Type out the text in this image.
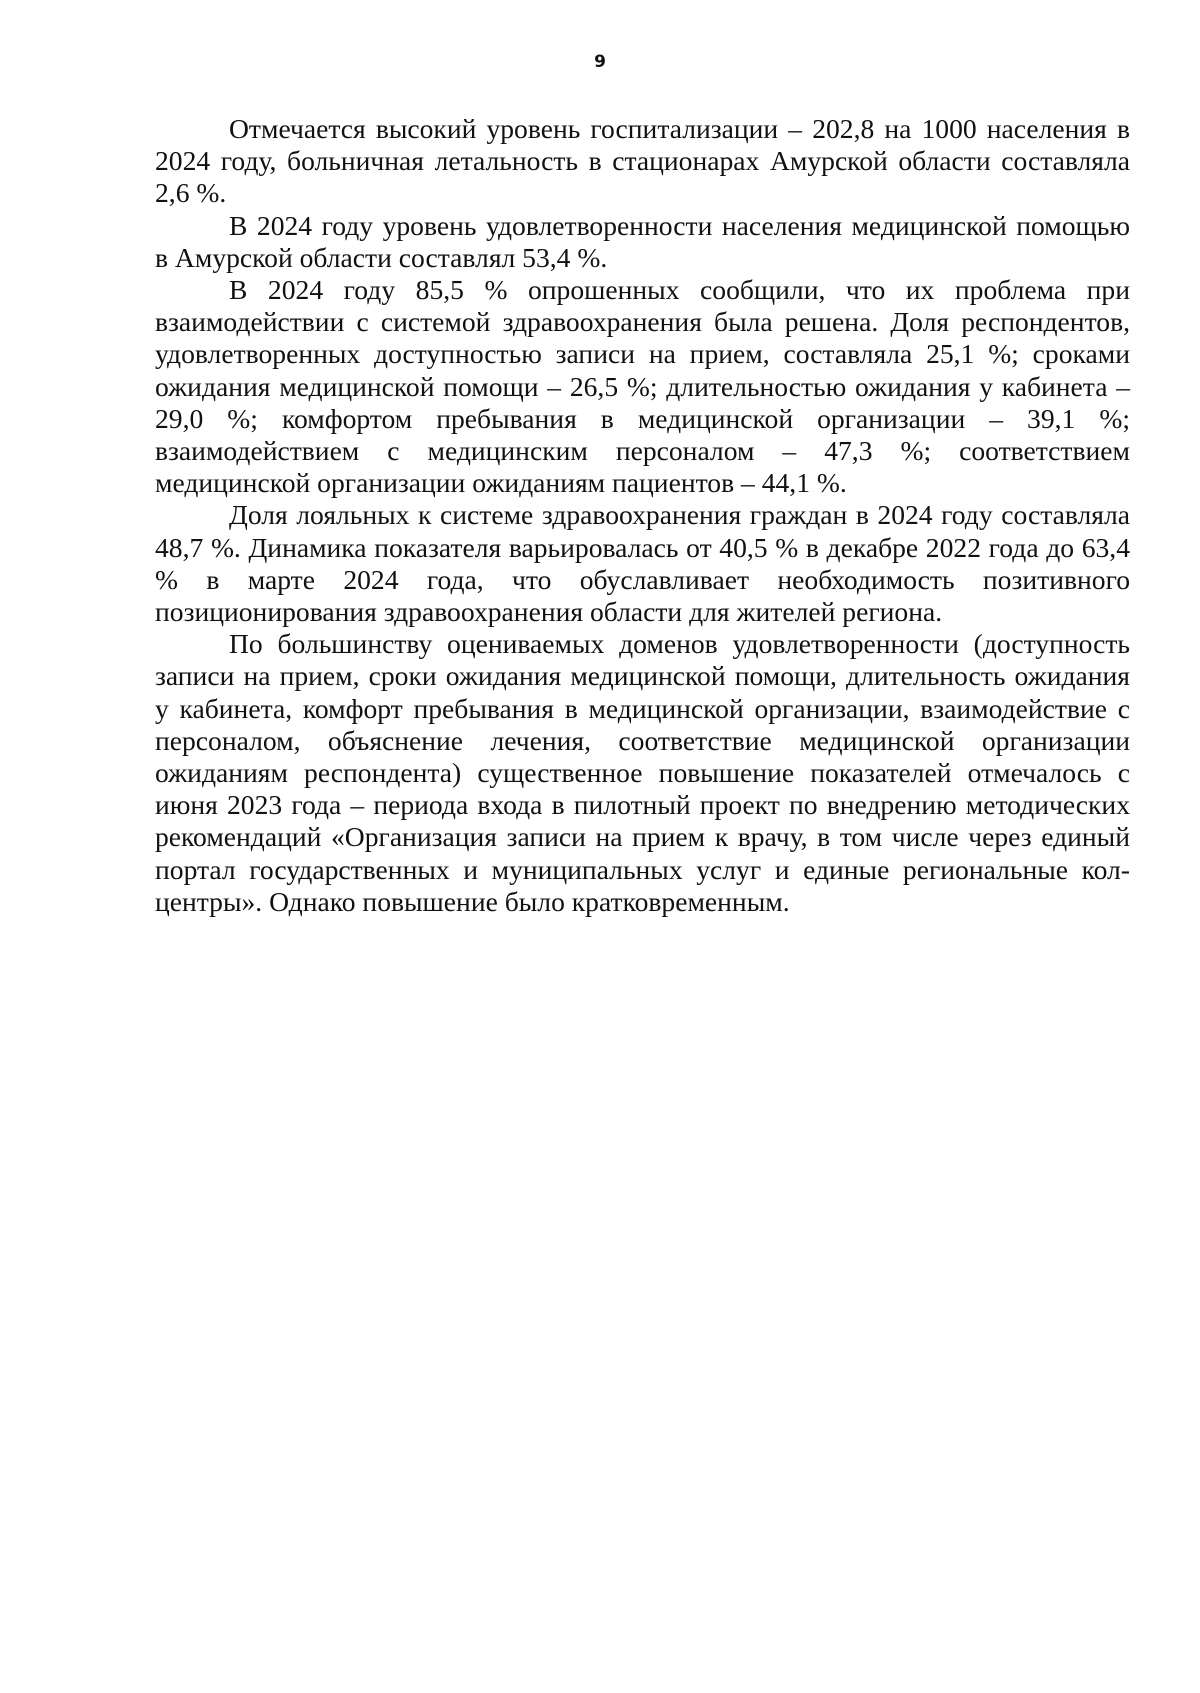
9

Отмечается высокий уровень госпитализации – 202,8 на 1000 населения в 2024 году, больничная летальность в стационарах Амурской области составляла 2,6 %.

В 2024 году уровень удовлетворенности населения медицинской помощью в Амурской области составлял 53,4 %.

В 2024 году 85,5 % опрошенных сообщили, что их проблема при взаимодействии с системой здравоохранения была решена. Доля респондентов, удовлетворенных доступностью записи на прием, составляла 25,1 %; сроками ожидания медицинской помощи – 26,5 %; длительностью ожидания у кабинета – 29,0 %; комфортом пребывания в медицинской организации – 39,1 %; взаимодействием с медицинским персоналом – 47,3 %; соответствием медицинской организации ожиданиям пациентов – 44,1 %.

Доля лояльных к системе здравоохранения граждан в 2024 году составляла 48,7 %. Динамика показателя варьировалась от 40,5 % в декабре 2022 года до 63,4 % в марте 2024 года, что обуславливает необходимость позитивного позиционирования здравоохранения области для жителей региона.

По большинству оцениваемых доменов удовлетворенности (доступность записи на прием, сроки ожидания медицинской помощи, длительность ожидания у кабинета, комфорт пребывания в медицинской организации, взаимодействие с персоналом, объяснение лечения, соответствие медицинской организации ожиданиям респондента) существенное повышение показателей отмечалось с июня 2023 года – периода входа в пилотный проект по внедрению методических рекомендаций «Организация записи на прием к врачу, в том числе через единый портал государственных и муниципальных услуг и единые региональные кол-центры». Однако повышение было кратковременным.
